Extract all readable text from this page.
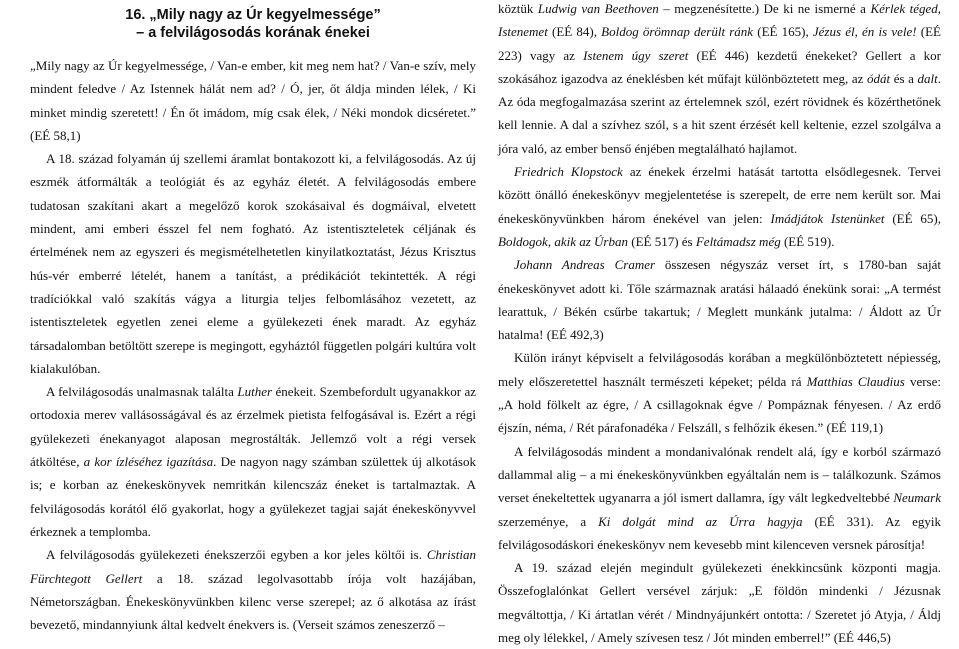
16. „Mily nagy az Úr kegyelmessége”
– a felvilágosodás korának énekei

„Mily nagy az Úr kegyelmessége, / Van-e ember, kit meg nem hat? / Van-e szív, mely mindent feledve / Az Istennek hálát nem ad? / Ó, jer, őt áldja minden lélek, / Ki minket mindig szeretett! / Én őt imádom, míg csak élek, / Néki mondok dicséretet.” (EÉ 58,1)

A 18. század folyamán új szellemi áramlat bontakozott ki, a felvilágosodás. Az új eszmék átformálták a teológiát és az egyház életét. A felvilágosodás embere tudatosan szakítani akart a megelőző korok szokásaival és dogmáival, elvetett mindent, ami emberi ésszel fel nem fogható. Az istentiszteletek céljának és értelmének nem az egyszeri és megismételhetetlen kinyilatkoztatást, Jézus Krisztus hús-vér emberré lételét, hanem a tanítást, a prédikációt tekintették. A régi tradíciókkal való szakítás vágya a liturgia teljes felbomlásához vezetett, az istentiszteletek egyetlen zenei eleme a gyülekezeti ének maradt. Az egyház társadalomban betöltött szerepe is megingott, egyháztól független polgári kultúra volt kialakulóban.

A felvilágosodás unalmasnak találta Luther énekeit. Szembefordult ugyanakkor az ortodoxia merev vallásosságával és az érzelmek pietista felfogásával is. Ezért a régi gyülekezeti énekanyagot alaposan megrostálták. Jellemző volt a régi versek átköltése, a kor ízléséhez igazítása. De nagyon nagy számban születtek új alkotások is; e korban az énekeskönyvek nemritkán kilencszáz éneket is tartalmaztak. A felvilágosodás korától élő gyakorlat, hogy a gyülekezet tagjai saját énekeskönyvvel érkeznek a templomba.

A felvilágosodás gyülekezeti énekszerzői egyben a kor jeles költői is. Christian Fürchtegott Gellert a 18. század legolvasottabb írója volt hazájában, Németországban. Énekeskönyvünkben kilenc verse szerepel; az ő alkotása az írást bevezető, mindannyiunk által kedvelt énekvers is. (Verseit számos zeneszerző –

köztük Ludwig van Beethoven – megzenésítette.) De ki ne ismerné a Kérlek téged, Istenemet (EÉ 84), Boldog örömnap derült ránk (EÉ 165), Jézus él, én is vele! (EÉ 223) vagy az Istenem úgy szeret (EÉ 446) kezdetű énekeket? Gellert a kor szokásához igazodva az éneklésben két műfajt különböztetett meg, az ódát és a dalt. Az óda megfogalmazása szerint az értelemnek szól, ezért rövidnek és közérthetőnek kell lennie. A dal a szívhez szól, s a hit szent érzését kell keltenie, ezzel szolgálva a jóra való, az ember benső énjében megtalálható hajlamot.

Friedrich Klopstock az énekek érzelmi hatását tartotta elsődlegesnek. Tervei között önálló énekeskönyv megjelentetése is szerepelt, de erre nem került sor. Mai énekeskönyvünkben három énekével van jelen: Imádjátok Istenünket (EÉ 65), Boldogok, akik az Úrban (EÉ 517) és Feltámadsz még (EÉ 519).

Johann Andreas Cramer összesen négyszáz verset írt, s 1780-ban saját énekeskönyvet adott ki. Tőle származnak aratási hálaadó énekünk sorai: „A termést learattuk, / Békén csűrbe takartuk; / Meglett munkánk jutalma: / Áldott az Úr hatalma! (EÉ 492,3)

Külön irányt képviselt a felvilágosodás korában a megkülönböztetett népiesség, mely előszeretettel használt természeti képeket; példa rá Matthias Claudius verse: „A hold fölkelt az égre, / A csillagoknak égve / Pompáznak fényesen. / Az erdő éjszín, néma, / Rét párafonadéka / Felszáll, s felhőzik ékesen.” (EÉ 119,1)

A felvilágosodás mindent a mondanivalónak rendelt alá, így e korból származó dallammal alig – a mi énekeskönyvünkben egyáltalán nem is – találkozunk. Számos verset énekeltettek ugyanarra a jól ismert dallamra, így vált legkedveltebbé Neumark szerzeménye, a Ki dolgát mind az Úrra hagyja (EÉ 331). Az egyik felvilágosodáskori énekeskönyv nem kevesebb mint kilenceven versnek párosítja!

A 19. század elején megindult gyülekezeti énekkincsünk központi magja. Összefoglalónkat Gellert versével zárjuk: „E földön mindenki / Jézusnak megváltottja, / Ki ártatlan vérét / Mindnyájunkért ontotta: / Szeretet jó Atyja, / Áldj meg oly lélekkel, / Amely szívesen tesz / Jót minden emberrel!” (EÉ 446,5)
